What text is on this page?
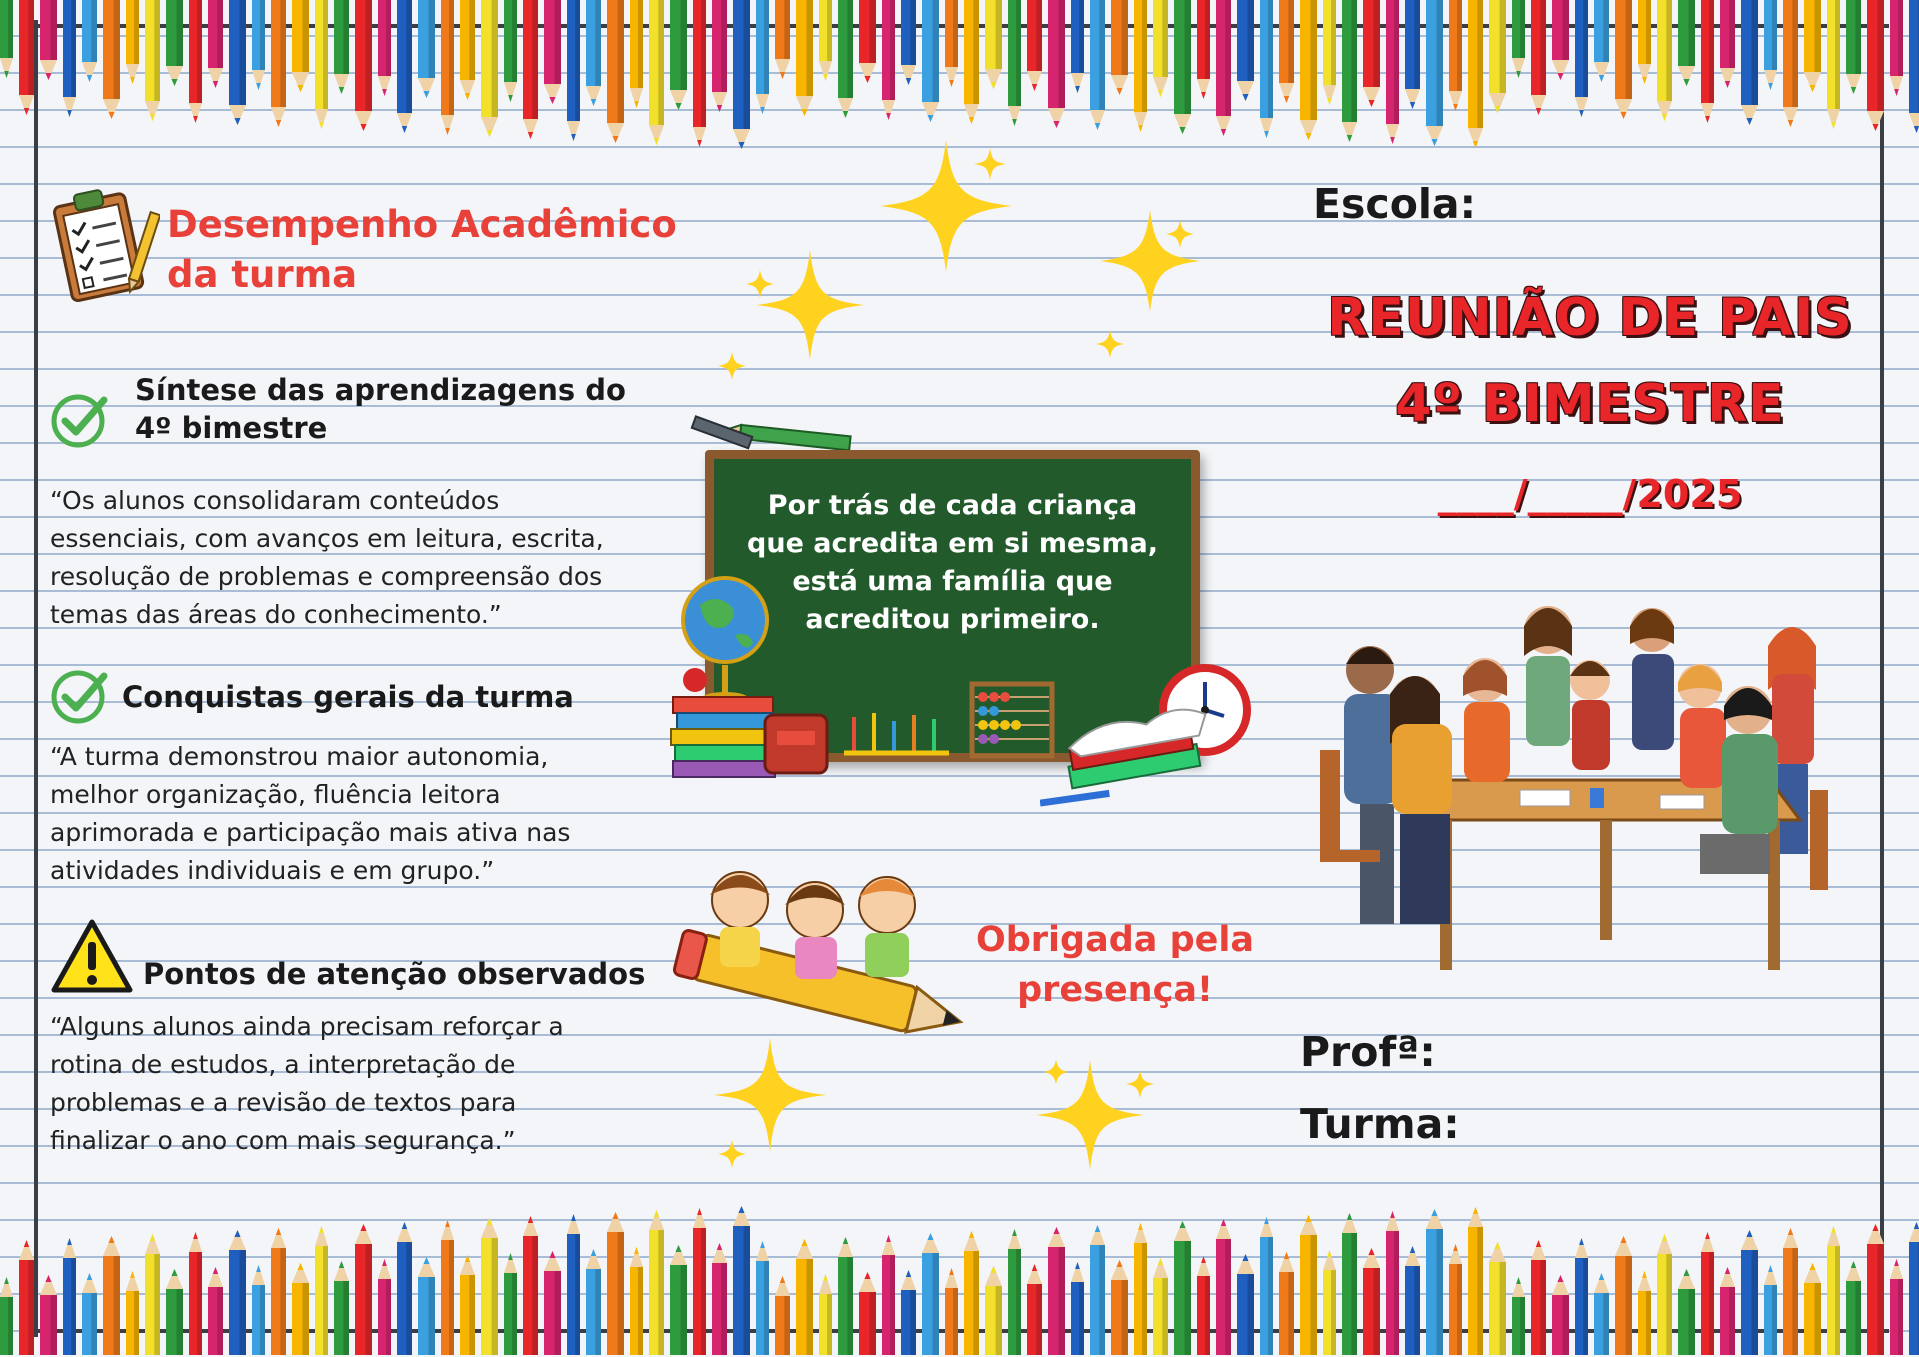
Desempenho Acadêmico
da turma
Síntese das aprendizagens do
4º bimestre
“Os alunos consolidaram conteúdos
essenciais, com avanços em leitura, escrita,
resolução de problemas e compreensão dos
temas das áreas do conhecimento.”
Conquistas gerais da turma
“A turma demonstrou maior autonomia,
melhor organização, fluência leitora
aprimorada e participação mais ativa nas
atividades individuais e em grupo.”
Pontos de atenção observados
“Alguns alunos ainda precisam reforçar a
rotina de estudos, a interpretação de
problemas e a revisão de textos para
finalizar o ano com mais segurança.”
Por trás de cada criança
que acredita em si mesma,
está uma família que
acreditou primeiro.
Obrigada pela
presença!
Escola:
REUNIÃO DE PAIS
4º BIMESTRE
____/_____/2025
Profª:
Turma:
